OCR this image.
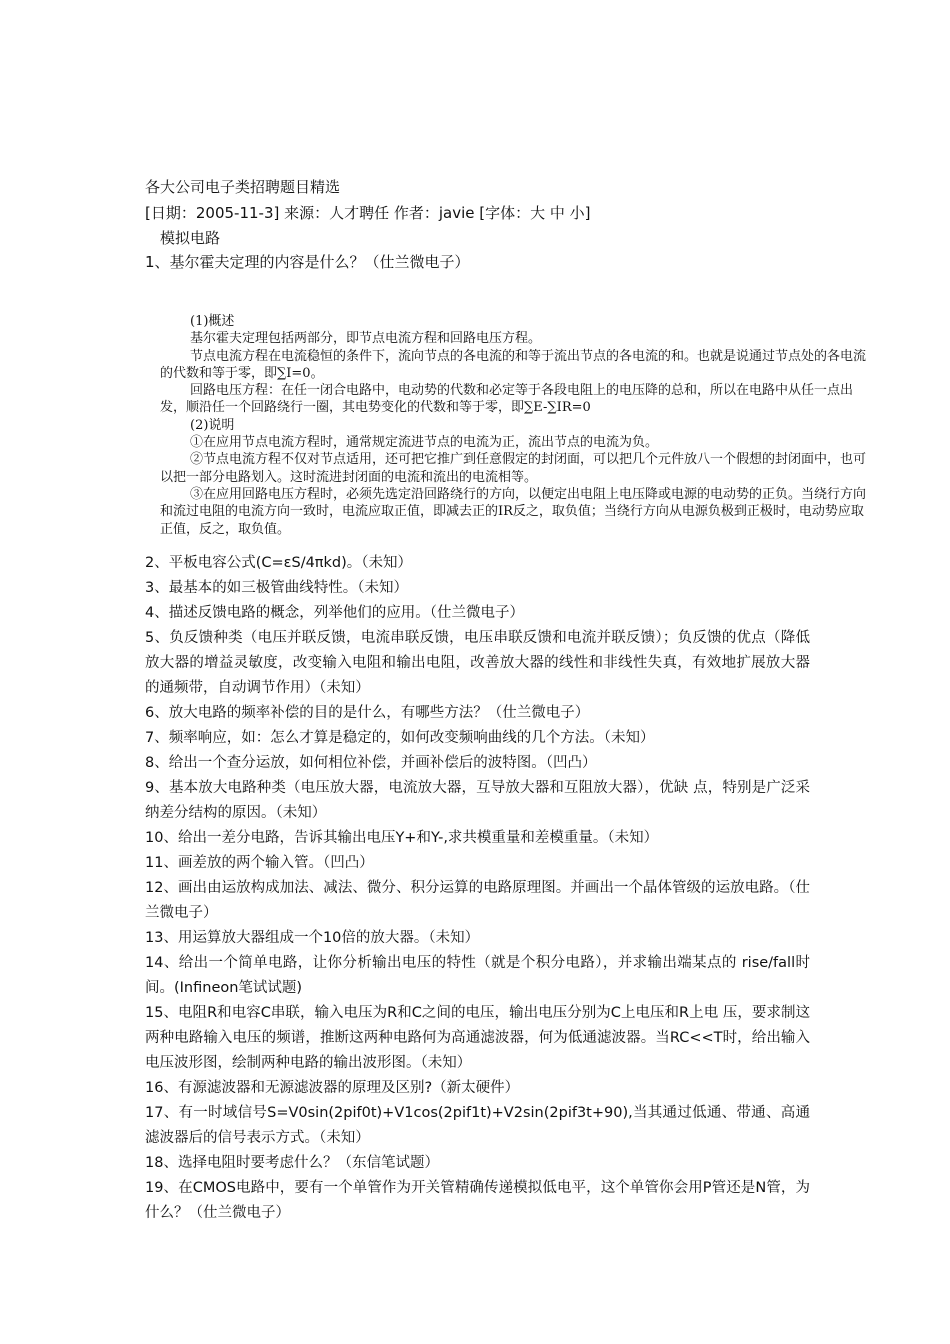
各大公司电子类招聘题目精选
[日期：2005-11-3] 来源：人才聘任 作者：javie [字体：大 中 小]
模拟电路
1、基尔霍夫定理的内容是什么？（仕兰微电子）

(1)概述

基尔霍夫定理包括两部分，即节点电流方程和回路电压方程。

节点电流方程在电流稳恒的条件下，流向节点的各电流的和等于流出节点的各电流的和。也就是说通过节点处的各电流的代数和等于零，即∑I=0。

回路电压方程：在任一闭合电路中，电动势的代数和必定等于各段电阻上的电压降的总和，所以在电路中从任一点出发，顺沿任一个回路绕行一圈，其电势变化的代数和等于零，即∑E-∑IR=0

(2)说明

①在应用节点电流方程时，通常规定流进节点的电流为正，流出节点的电流为负。

②节点电流方程不仅对节点适用，还可把它推广到任意假定的封闭面，可以把几个元件放八一个假想的封闭面中，也可以把一部分电路划入。这时流进封闭面的电流和流出的电流相等。

③在应用回路电压方程时，必须先选定沿回路绕行的方向，以便定出电阻上电压降或电源的电动势的正负。当绕行方向和流过电阻的电流方向一致时，电流应取正值，即减去正的IR反之，取负值；当绕行方向从电源负极到正极时，电动势应取正值，反之，取负值。

2、平板电容公式(C=εS/4πkd)。（未知）

3、最基本的如三极管曲线特性。（未知）

4、描述反馈电路的概念，列举他们的应用。（仕兰微电子）

5、负反馈种类（电压并联反馈，电流串联反馈，电压串联反馈和电流并联反馈）；负反馈的优点（降低放大器的增益灵敏度，改变输入电阻和输出电阻，改善放大器的线性和非线性失真，有效地扩展放大器的通频带，自动调节作用）（未知）

6、放大电路的频率补偿的目的是什么，有哪些方法？（仕兰微电子）

7、频率响应，如：怎么才算是稳定的，如何改变频响曲线的几个方法。（未知）

8、给出一个查分运放，如何相位补偿，并画补偿后的波特图。（凹凸）

9、基本放大电路种类（电压放大器，电流放大器，互导放大器和互阻放大器），优缺 点，特别是广泛采纳差分结构的原因。（未知）

10、给出一差分电路，告诉其输出电压Y+和Y-,求共模重量和差模重量。（未知）

11、画差放的两个输入管。（凹凸）

12、画出由运放构成加法、减法、微分、积分运算的电路原理图。并画出一个晶体管级的运放电路。（仕兰微电子）

13、用运算放大器组成一个10倍的放大器。（未知）

14、给出一个简单电路，让你分析输出电压的特性（就是个积分电路），并求输出端某点的 rise/fall时间。(Infineon笔试试题)

15、电阻R和电容C串联，输入电压为R和C之间的电压，输出电压分别为C上电压和R上电 压，要求制这两种电路输入电压的频谱，推断这两种电路何为高通滤波器，何为低通滤波器。当RC<<T时，给出输入电压波形图，绘制两种电路的输出波形图。（未知）

16、有源滤波器和无源滤波器的原理及区别?（新太硬件）

17、有一时域信号S=V0sin(2pif0t)+V1cos(2pif1t)+V2sin(2pif3t+90),当其通过低通、带通、高通滤波器后的信号表示方式。（未知）

18、选择电阻时要考虑什么？（东信笔试题）

19、在CMOS电路中，要有一个单管作为开关管精确传递模拟低电平，这个单管你会用P管还是N管，为什么？（仕兰微电子）
